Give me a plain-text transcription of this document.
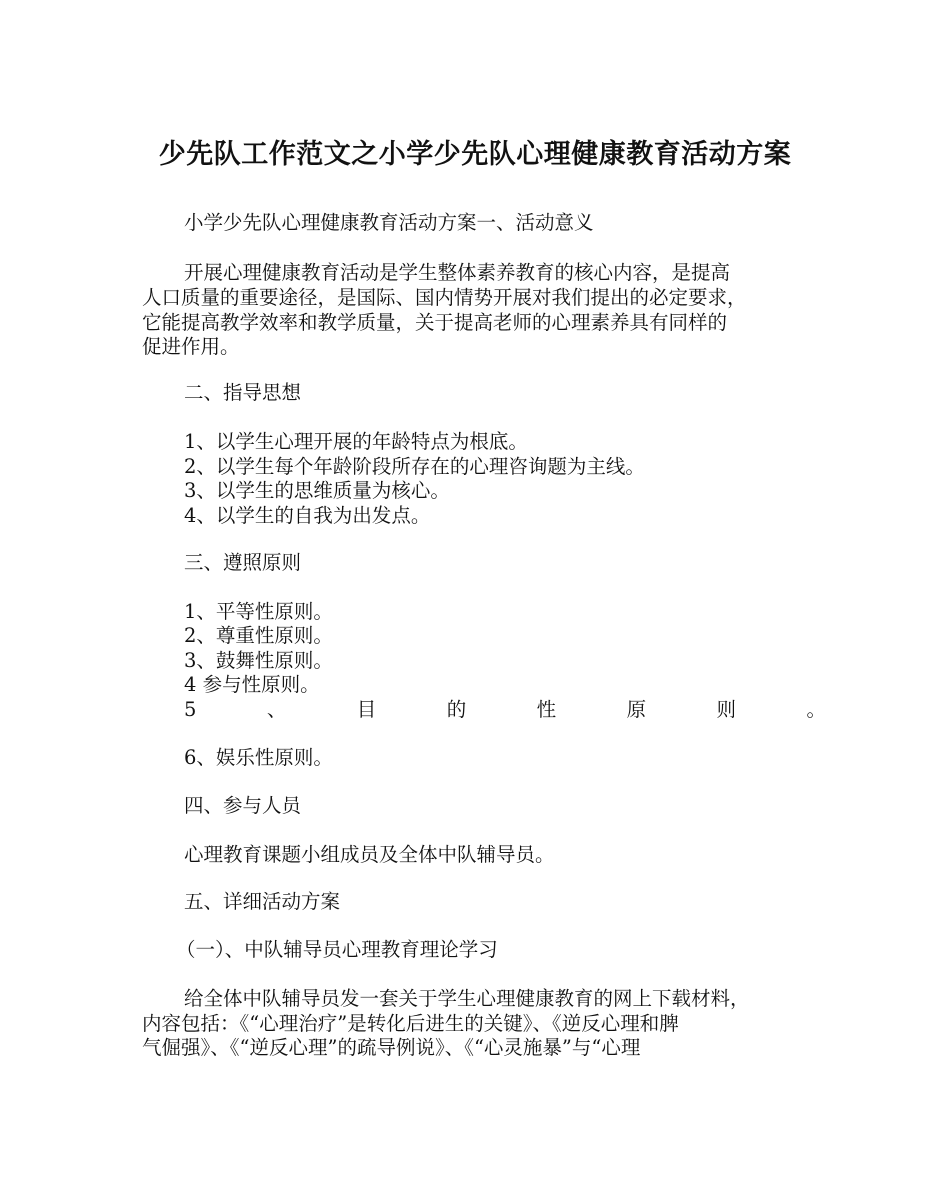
少先队工作范文之小学少先队心理健康教育活动方案

小学少先队心理健康教育活动方案一、活动意义

开展心理健康教育活动是学生整体素养教育的核心内容，是提高

人口质量的重要途径，是国际、国内情势开展对我们提出的必定要求，

它能提高教学效率和教学质量，关于提高老师的心理素养具有同样的

促进作用。

二、指导思想

1、以学生心理开展的年龄特点为根底。

2、以学生每个年龄阶段所存在的心理咨询题为主线。

3、以学生的思维质量为核心。

4、以学生的自我为出发点。

三、遵照原则

1、平等性原则。

2、尊重性原则。

3、鼓舞性原则。

4 参与性原则。

5	、	目	的	性	原	则	。

6、娱乐性原则。

四、参与人员

心理教育课题小组成员及全体中队辅导员。

五、详细活动方案

（一）、中队辅导员心理教育理论学习

给全体中队辅导员发一套关于学生心理健康教育的网上下载材料，

内容包括：《“心理治疗”是转化后进生的关键》、《逆反心理和脾

气倔强》、《“逆反心理”的疏导例说》、《“心灵施暴”与“心理
